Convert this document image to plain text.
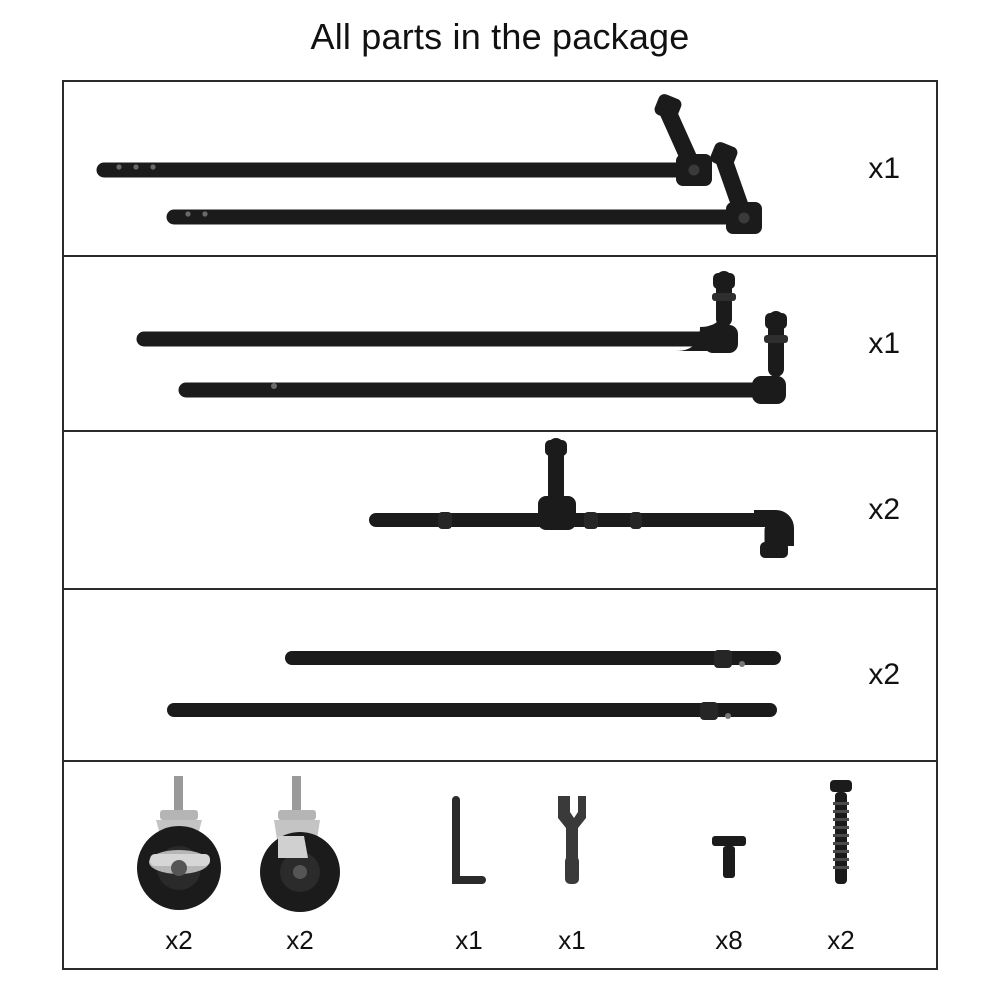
All parts in the package
x1
x1
x2
x2
x2	x2	x1	x1	x8	x2
